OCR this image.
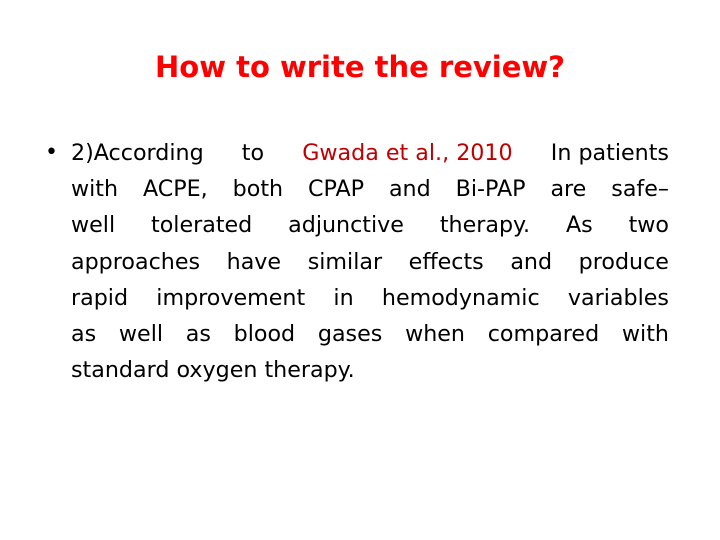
How to write the review?
• 2)According to Gwada et al., 2010 In patients
with ACPE, both CPAP and Bi-PAP are safe–
well tolerated adjunctive therapy. As two
approaches have similar effects and produce
rapid improvement in hemodynamic variables
as well as blood gases when compared with
standard oxygen therapy.
